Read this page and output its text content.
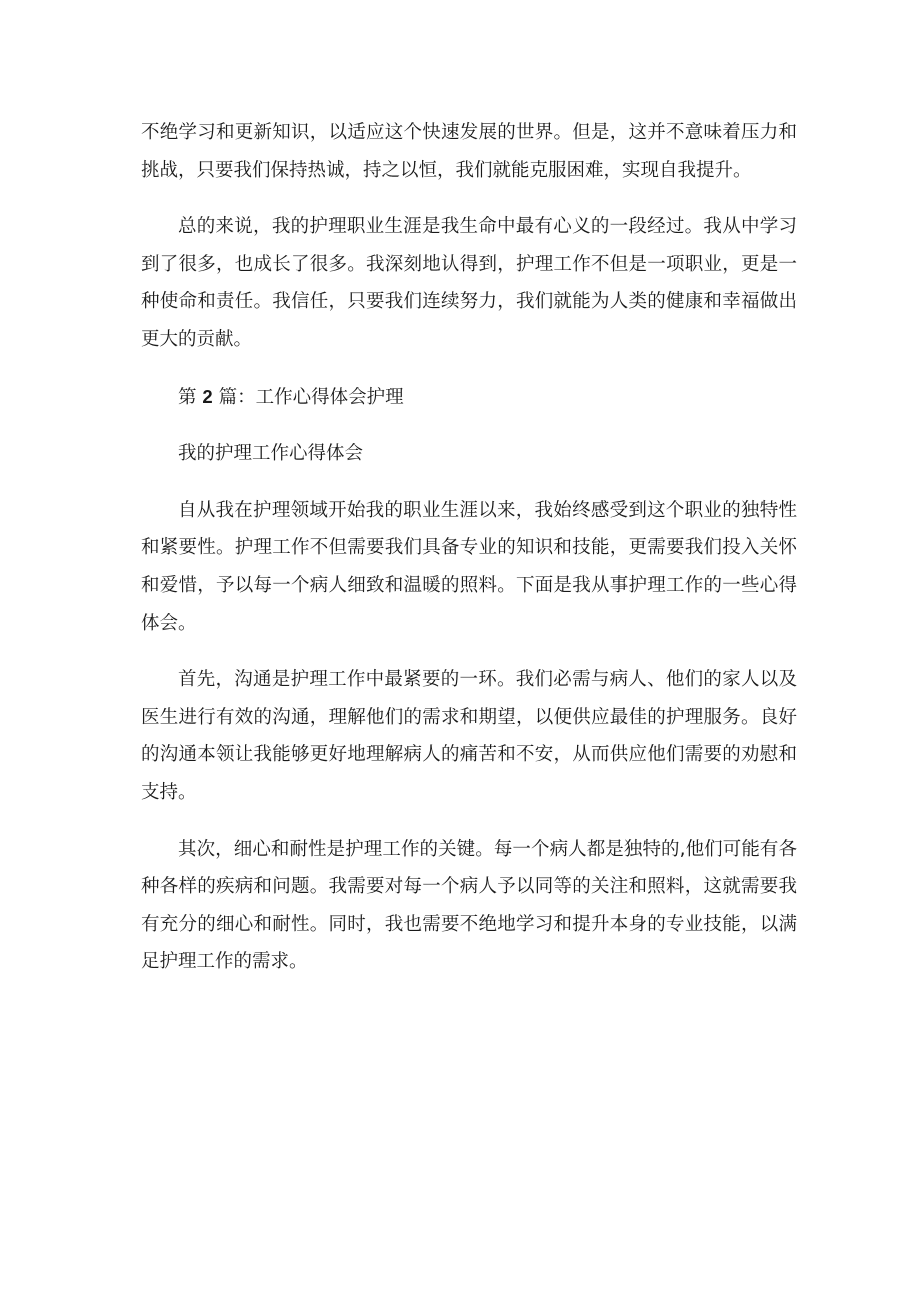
不绝学习和更新知识，以适应这个快速发展的世界。但是，这并不意味着压力和挑战，只要我们保持热诚，持之以恒，我们就能克服困难，实现自我提升。

总的来说，我的护理职业生涯是我生命中最有心义的一段经过。我从中学习到了很多，也成长了很多。我深刻地认得到，护理工作不但是一项职业，更是一种使命和责任。我信任，只要我们连续努力，我们就能为人类的健康和幸福做出更大的贡献。

第 2 篇：工作心得体会护理

我的护理工作心得体会

自从我在护理领域开始我的职业生涯以来，我始终感受到这个职业的独特性和紧要性。护理工作不但需要我们具备专业的知识和技能，更需要我们投入关怀和爱惜，予以每一个病人细致和温暖的照料。下面是我从事护理工作的一些心得体会。

首先，沟通是护理工作中最紧要的一环。我们必需与病人、他们的家人以及医生进行有效的沟通，理解他们的需求和期望，以便供应最佳的护理服务。良好的沟通本领让我能够更好地理解病人的痛苦和不安，从而供应他们需要的劝慰和支持。

其次，细心和耐性是护理工作的关键。每一个病人都是独特的,他们可能有各种各样的疾病和问题。我需要对每一个病人予以同等的关注和照料，这就需要我有充分的细心和耐性。同时，我也需要不绝地学习和提升本身的专业技能，以满足护理工作的需求。
